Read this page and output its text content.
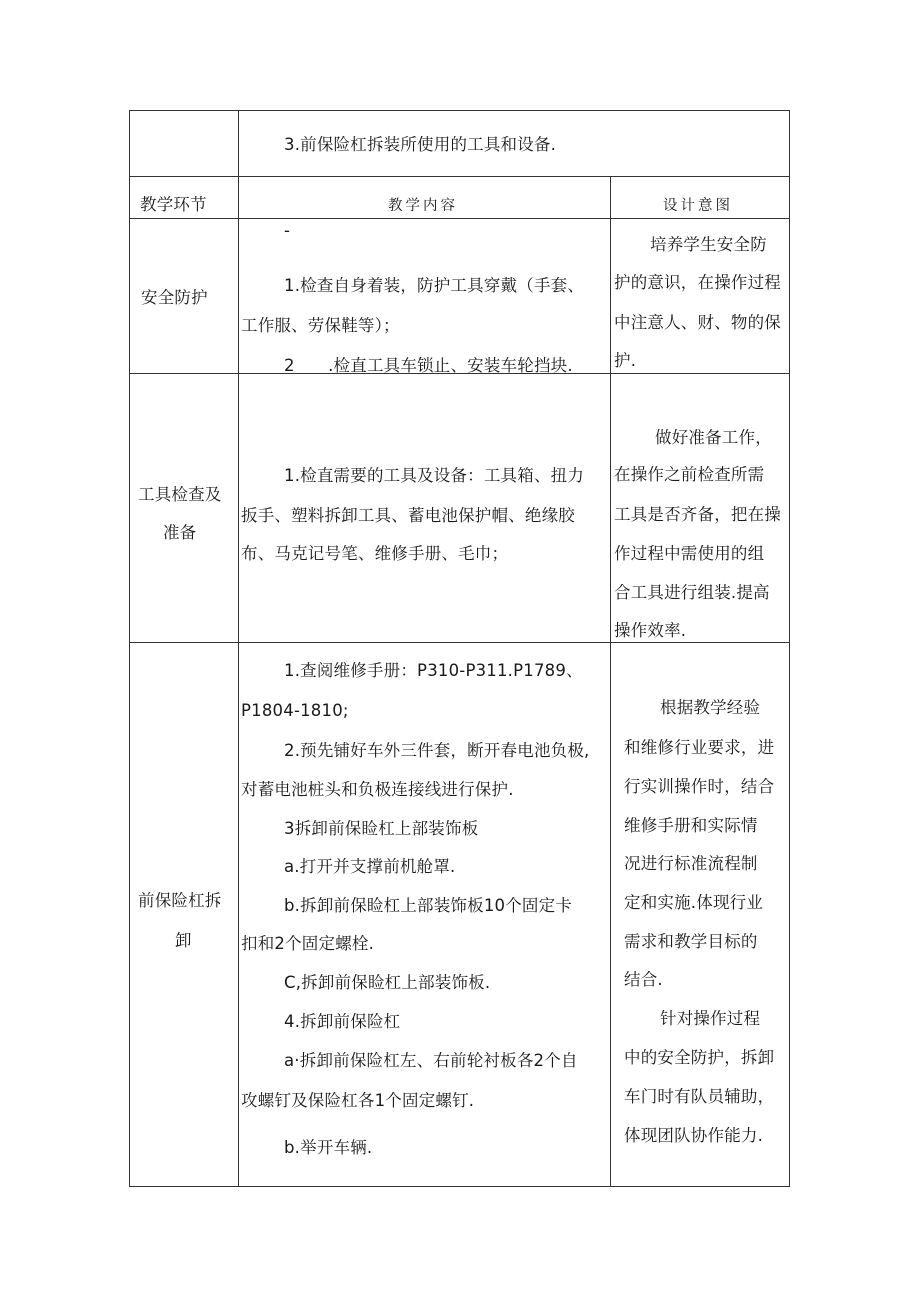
3.前保险杠拆装所使用的工具和设备.
教学环节	教学内容	设计意图
安全防护
-
1.检查自身着装，防护工具穿戴（手套、
工作服、劳保鞋等）；
2　　.检直工具车锁止、安装车轮挡块.
培养学生安全防
护的意识，在操作过程
中注意人、财、物的保
护.
工具检查及
准备
1.检直需要的工具及设备：工具箱、扭力
扳手、塑料拆卸工具、蓄电池保护帽、绝缘胶
布、马克记号笔、维修手册、毛巾；
做好准备工作，
在操作之前检查所需
工具是否齐备，把在操
作过程中需使用的组
合工具进行组装.提高
操作效率.
前保险杠拆
卸
1.查阅维修手册：P310-P311.P1789、
P1804-1810;
2.预先铺好车外三件套，断开春电池负极,
对蓄电池桩头和负极连接线进行保护.
3拆卸前保睑杠上部装饰板
a.打开并支撑前机舱罩.
b.拆卸前保睑杠上部装饰板10个固定卡
扣和2个固定螺栓.
C,拆卸前保睑杠上部装饰板.
4.拆卸前保险杠
a·拆卸前保险杠左、右前轮衬板各2个自
攻螺钉及保险杠各1个固定螺钉.
b.举开车辆.
根据教学经验
和维修行业要求，进
行实训操作时，结合
维修手册和实际情
况进行标准流程制
定和实施.体现行业
需求和教学目标的
结合.
针对操作过程
中的安全防护，拆卸
车门时有队员辅助，
体现团队协作能力.
